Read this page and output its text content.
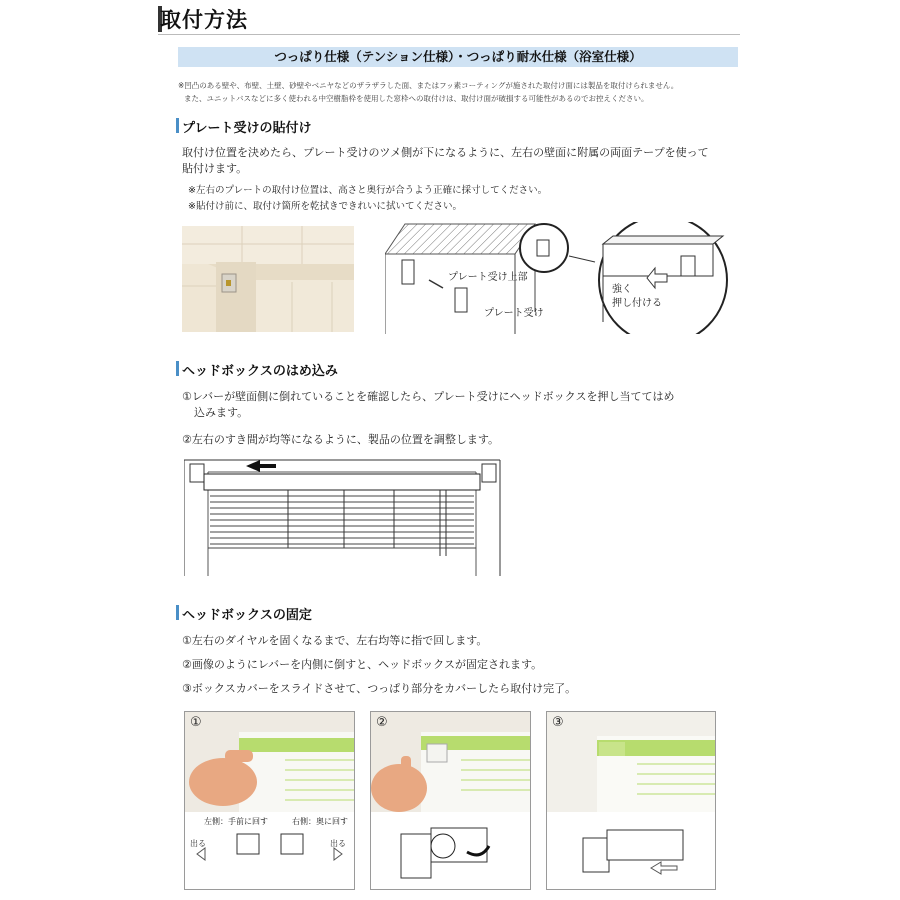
取付方法
つっぱり仕様（テンション仕様）・つっぱり耐水仕様（浴室仕様）
※凹凸のある壁や、布壁、土壁、砂壁やベニヤなどのザラザラした面、またはフッ素コーティングが施された取付け面には製品を取付けられません。
また、ユニットバスなどに多く使われる中空樹脂枠を使用した窓枠への取付けは、取付け面が破損する可能性があるのでお控えください。
プレート受けの貼付け
取付け位置を決めたら、プレート受けのツメ側が下になるように、左右の壁面に附属の両面テープを使って
貼付けます。
※左右のプレートの取付け位置は、高さと奥行が合うよう正確に採寸してください。
※貼付け前に、取付け箇所を乾拭きできれいに拭いてください。
プレート受け上部
プレート受け
強く
押し付ける
ヘッドボックスのはめ込み
①レバーが壁面側に倒れていることを確認したら、プレート受けにヘッドボックスを押し当ててはめ
込みます。
②左右のすき間が均等になるように、製品の位置を調整します。
ヘッドボックスの固定
①左右のダイヤルを固くなるまで、左右均等に指で回します。
②画像のようにレバーを内側に倒すと、ヘッドボックスが固定されます。
③ボックスカバーをスライドさせて、つっぱり部分をカバーしたら取付け完了。
①
左側：手前に回す	右側：奥に回す
出る	出る
②	③
